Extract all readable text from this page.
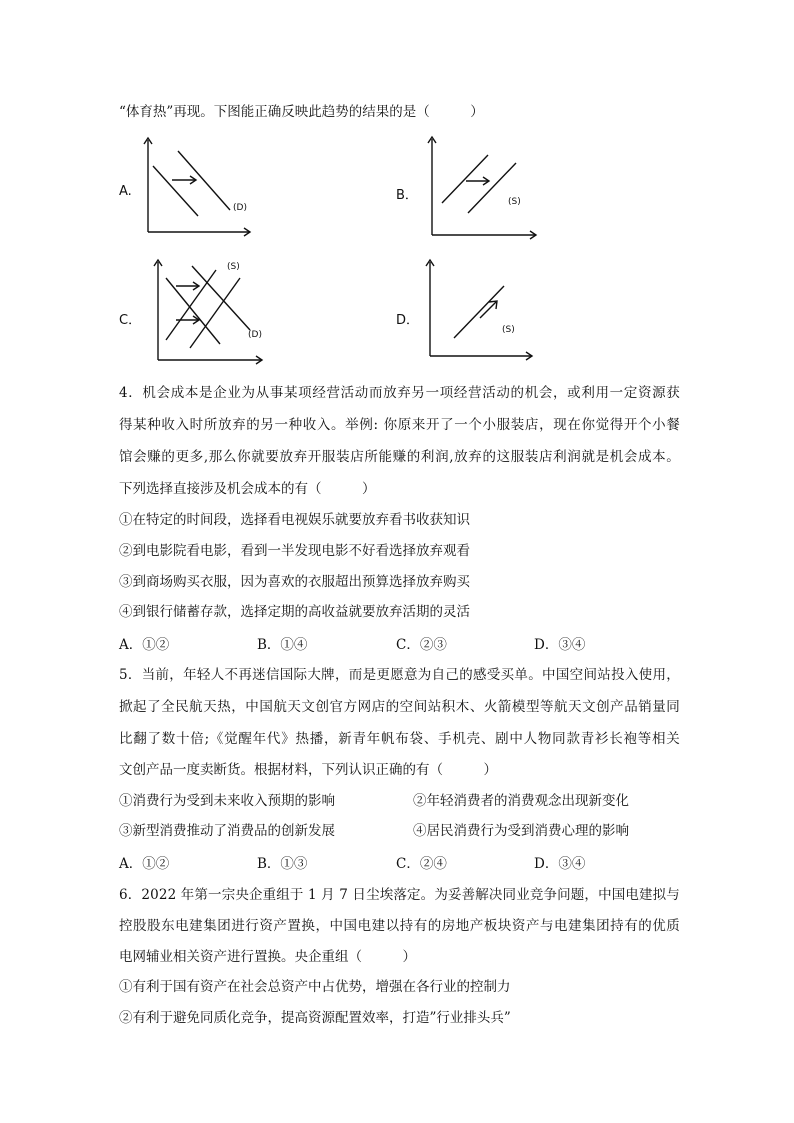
“体育热”再现。下图能正确反映此趋势的结果的是（　　　）
A.
(D)
B．	(S)
C．
(S)
(D)
D．
(S)
4．机会成本是企业为从事某项经营活动而放弃另一项经营活动的机会，或利用一定资源获
得某种收入时所放弃的另一种收入。举例: 你原来开了一个小服装店，现在你觉得开个小餐
馆会赚的更多,那么你就要放弃开服装店所能赚的利润,放弃的这服装店利润就是机会成本。
下列选择直接涉及机会成本的有（　　　）
①在特定的时间段，选择看电视娱乐就要放弃看书收获知识
②到电影院看电影，看到一半发现电影不好看选择放弃观看
③到商场购买衣服，因为喜欢的衣服超出预算选择放弃购买
④到银行储蓄存款，选择定期的高收益就要放弃活期的灵活
A．①②	B．①④	C．②③	D．③④
5．当前，年轻人不再迷信国际大牌，而是更愿意为自己的感受买单。中国空间站投入使用，
掀起了全民航天热，中国航天文创官方网店的空间站积木、火箭模型等航天文创产品销量同
比翻了数十倍;《觉醒年代》热播，新青年帆布袋、手机壳、剧中人物同款青衫长袍等相关
文创产品一度卖断货。根据材料，下列认识正确的有（　　　）
①消费行为受到未来收入预期的影响	②年轻消费者的消费观念出现新变化
③新型消费推动了消费品的创新发展	④居民消费行为受到消费心理的影响
A．①②	B．①③	C．②④	D．③④
6．2022 年第一宗央企重组于 1 月 7 日尘埃落定。为妥善解决同业竞争问题，中国电建拟与
控股股东电建集团进行资产置换，中国电建以持有的房地产板块资产与电建集团持有的优质
电网辅业相关资产进行置换。央企重组（　　　）
①有利于国有资产在社会总资产中占优势，增强在各行业的控制力
②有利于避免同质化竞争，提高资源配置效率，打造”行业排头兵”
